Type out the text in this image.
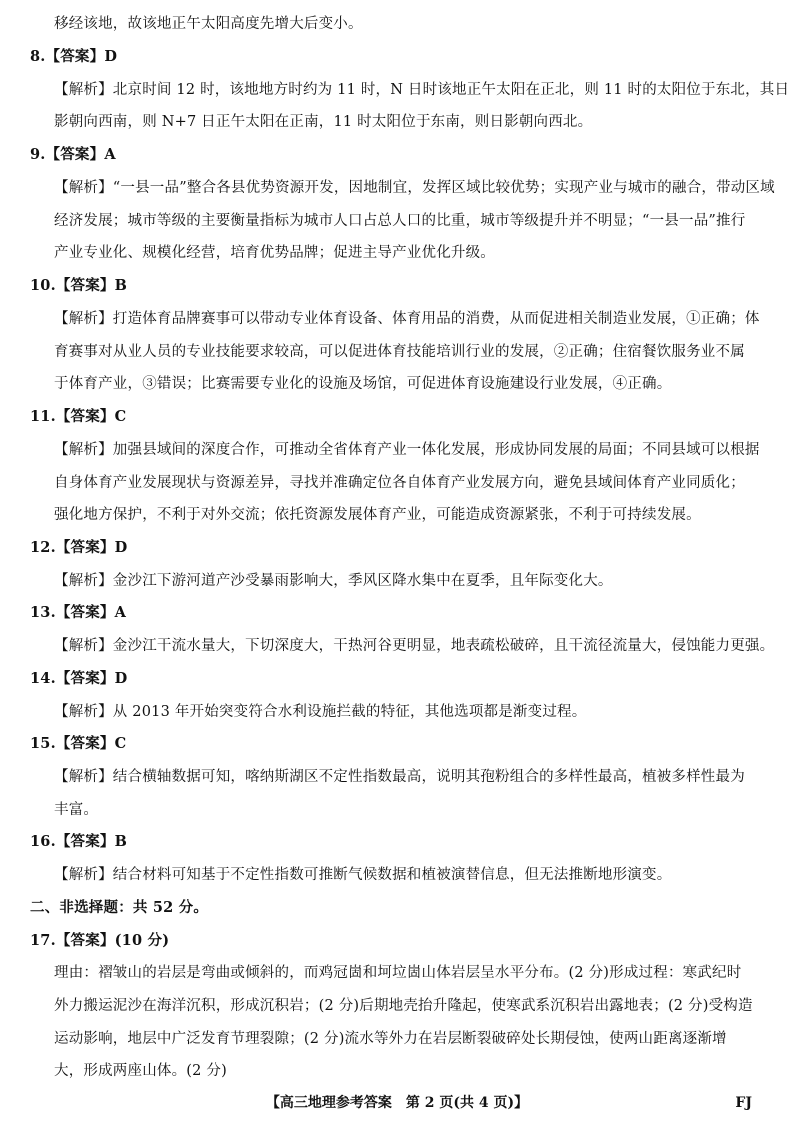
移经该地，故该地正午太阳高度先增大后变小。
8.【答案】D
【解析】北京时间 12 时，该地地方时约为 11 时，N 日时该地正午太阳在正北，则 11 时的太阳位于东北，其日
影朝向西南，则 N+7 日正午太阳在正南，11 时太阳位于东南，则日影朝向西北。
9.【答案】A
【解析】“一县一品”整合各县优势资源开发，因地制宜，发挥区域比较优势；实现产业与城市的融合，带动区域
经济发展；城市等级的主要衡量指标为城市人口占总人口的比重，城市等级提升并不明显；“一县一品”推行
产业专业化、规模化经营，培育优势品牌；促进主导产业优化升级。
10.【答案】B
【解析】打造体育品牌赛事可以带动专业体育设备、体育用品的消费，从而促进相关制造业发展，①正确；体
育赛事对从业人员的专业技能要求较高，可以促进体育技能培训行业的发展，②正确；住宿餐饮服务业不属
于体育产业，③错误；比赛需要专业化的设施及场馆，可促进体育设施建设行业发展，④正确。
11.【答案】C
【解析】加强县域间的深度合作，可推动全省体育产业一体化发展，形成协同发展的局面；不同县域可以根据
自身体育产业发展现状与资源差异，寻找并准确定位各自体育产业发展方向，避免县域间体育产业同质化；
强化地方保护，不利于对外交流；依托资源发展体育产业，可能造成资源紧张，不利于可持续发展。
12.【答案】D
【解析】金沙江下游河道产沙受暴雨影响大，季风区降水集中在夏季，且年际变化大。
13.【答案】A
【解析】金沙江干流水量大，下切深度大，干热河谷更明显，地表疏松破碎，且干流径流量大，侵蚀能力更强。
14.【答案】D
【解析】从 2013 年开始突变符合水利设施拦截的特征，其他选项都是渐变过程。
15.【答案】C
【解析】结合横轴数据可知，喀纳斯湖区不定性指数最高，说明其孢粉组合的多样性最高，植被多样性最为
丰富。
16.【答案】B
【解析】结合材料可知基于不定性指数可推断气候数据和植被演替信息，但无法推断地形演变。
二、非选择题：共 52 分。
17.【答案】(10 分)
理由：褶皱山的岩层是弯曲或倾斜的，而鸡冠崮和坷垃崮山体岩层呈水平分布。(2 分)形成过程：寒武纪时
外力搬运泥沙在海洋沉积，形成沉积岩；(2 分)后期地壳抬升隆起，使寒武系沉积岩出露地表；(2 分)受构造
运动影响，地层中广泛发育节理裂隙；(2 分)流水等外力在岩层断裂破碎处长期侵蚀，使两山距离逐渐增
大，形成两座山体。(2 分)
【高三地理参考答案　第 2 页(共 4 页)】	FJ
